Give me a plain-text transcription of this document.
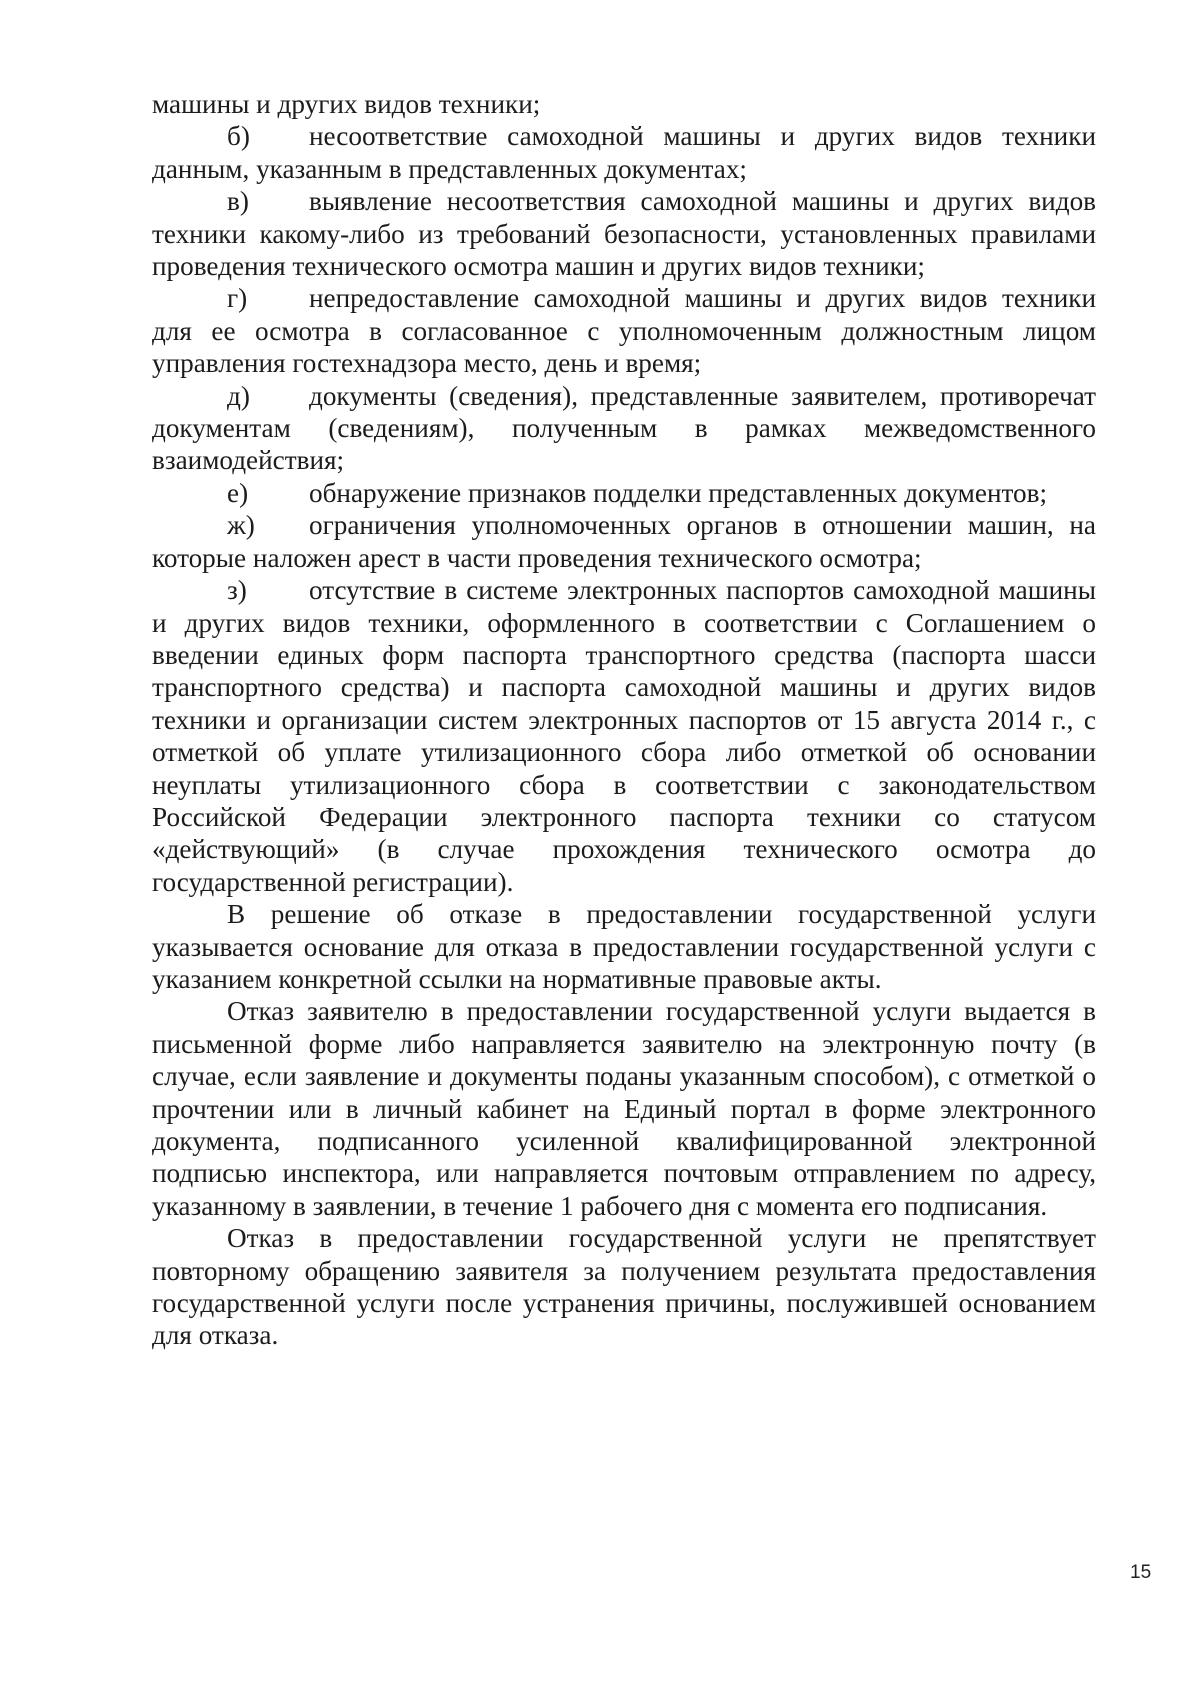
машины и других видов техники;

б) несоответствие самоходной машины и других видов техники данным, указанным в представленных документах;

в) выявление несоответствия самоходной машины и других видов техники какому-либо из требований безопасности, установленных правилами проведения технического осмотра машин и других видов техники;

г) непредоставление самоходной машины и других видов техники для ее осмотра в согласованное с уполномоченным должностным лицом управления гостехнадзора место, день и время;

д) документы (сведения), представленные заявителем, противоречат документам (сведениям), полученным в рамках межведомственного взаимодействия;

е) обнаружение признаков подделки представленных документов;

ж) ограничения уполномоченных органов в отношении машин, на которые наложен арест в части проведения технического осмотра;

з) отсутствие в системе электронных паспортов самоходной машины и других видов техники, оформленного в соответствии с Соглашением о введении единых форм паспорта транспортного средства (паспорта шасси транспортного средства) и паспорта самоходной машины и других видов техники и организации систем электронных паспортов от 15 августа 2014 г., с отметкой об уплате утилизационного сбора либо отметкой об основании неуплаты утилизационного сбора в соответствии с законодательством Российской Федерации электронного паспорта техники со статусом «действующий» (в случае прохождения технического осмотра до государственной регистрации).

В решение об отказе в предоставлении государственной услуги указывается основание для отказа в предоставлении государственной услуги с указанием конкретной ссылки на нормативные правовые акты.

Отказ заявителю в предоставлении государственной услуги выдается в письменной форме либо направляется заявителю на электронную почту (в случае, если заявление и документы поданы указанным способом), с отметкой о прочтении или в личный кабинет на Единый портал в форме электронного документа, подписанного усиленной квалифицированной электронной подписью инспектора, или направляется почтовым отправлением по адресу, указанному в заявлении, в течение 1 рабочего дня с момента его подписания.

Отказ в предоставлении государственной услуги не препятствует повторному обращению заявителя за получением результата предоставления государственной услуги после устранения причины, послужившей основанием для отказа.

15
